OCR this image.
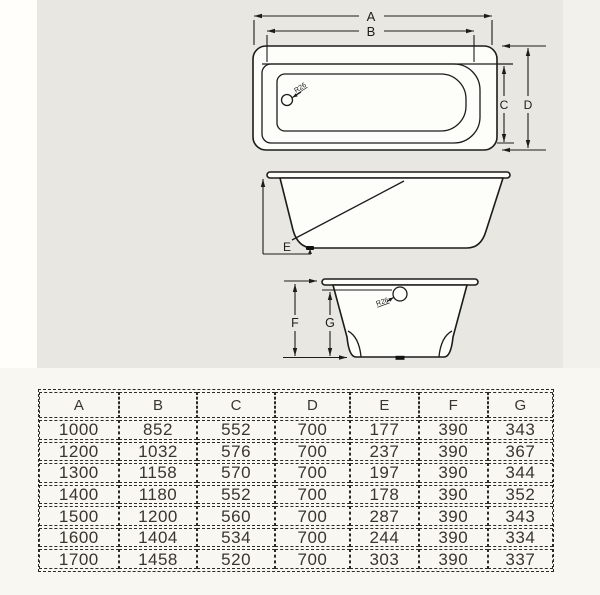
R26
A
B
C D
E
R26
F G
A	B	C	D	E	F	G
1000	852	552	700	177	390	343
1200	1032	576	700	237	390	367
1300	1158	570	700	197	390	344
1400	1180	552	700	178	390	352
1500	1200	560	700	287	390	343
1600	1404	534	700	244	390	334
1700	1458	520	700	303	390	337
